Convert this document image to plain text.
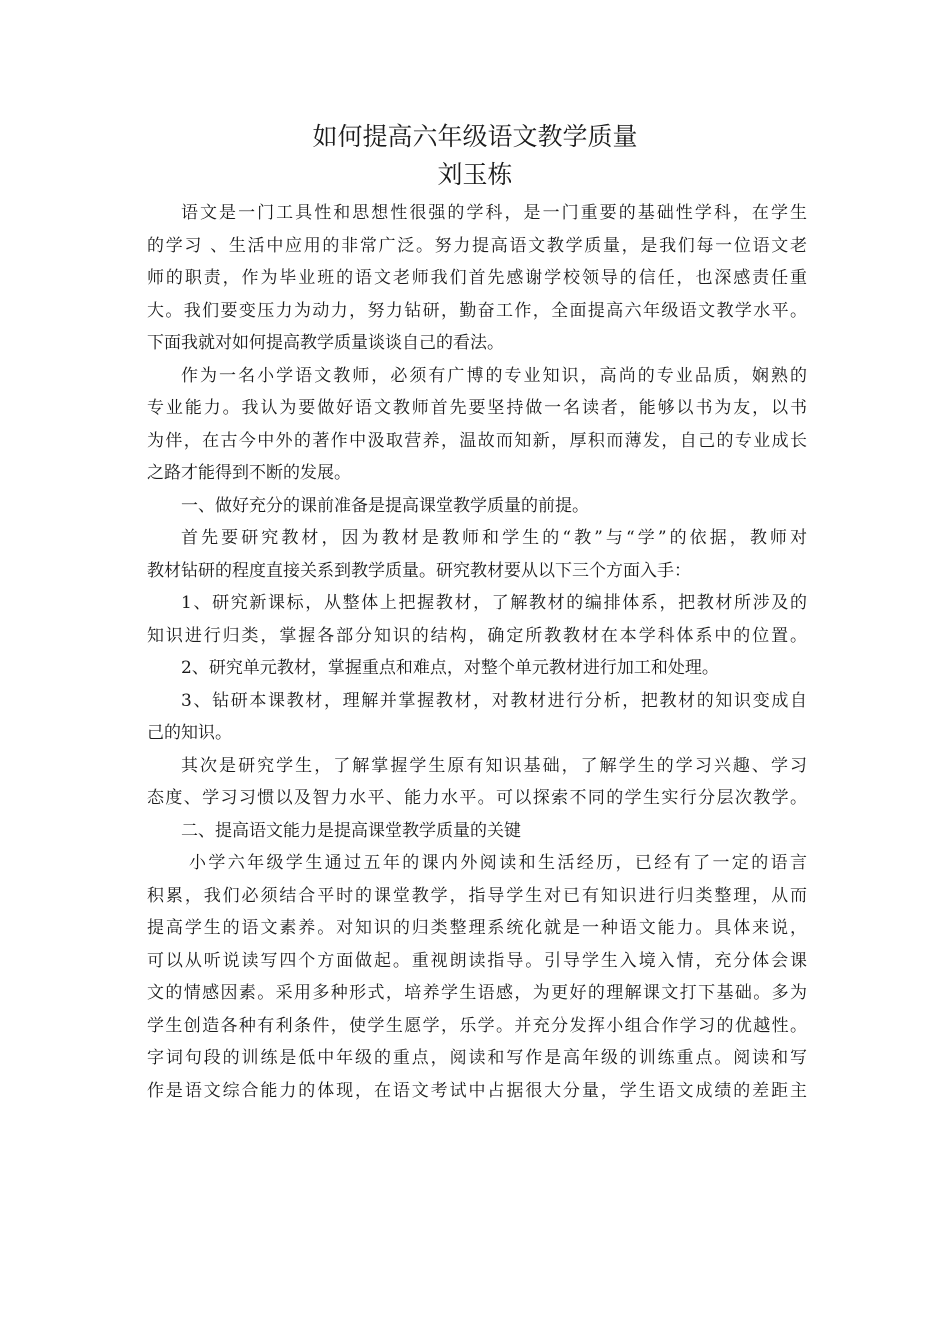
如何提高六年级语文教学质量
刘玉栋
语文是一门工具性和思想性很强的学科，是一门重要的基础性学科，在学生
的学习 、生活中应用的非常广泛。努力提高语文教学质量，是我们每一位语文老
师的职责，作为毕业班的语文老师我们首先感谢学校领导的信任，也深感责任重
大。我们要变压力为动力，努力钻研，勤奋工作，全面提高六年级语文教学水平。
下面我就对如何提高教学质量谈谈自己的看法。
作为一名小学语文教师，必须有广博的专业知识，高尚的专业品质，娴熟的
专业能力。我认为要做好语文教师首先要坚持做一名读者，能够以书为友，以书
为伴，在古今中外的著作中汲取营养，温故而知新，厚积而薄发，自己的专业成长
之路才能得到不断的发展。
一、做好充分的课前准备是提高课堂教学质量的前提。
首先要研究教材，因为教材是教师和学生的“教”与“学”的依据，教师对
教材钻研的程度直接关系到教学质量。研究教材要从以下三个方面入手：
1、研究新课标，从整体上把握教材，了解教材的编排体系，把教材所涉及的
知识进行归类，掌握各部分知识的结构，确定所教教材在本学科体系中的位置。
2、研究单元教材，掌握重点和难点，对整个单元教材进行加工和处理。
3、钻研本课教材，理解并掌握教材，对教材进行分析，把教材的知识变成自
己的知识。
其次是研究学生，了解掌握学生原有知识基础，了解学生的学习兴趣、学习
态度、学习习惯以及智力水平、能力水平。可以探索不同的学生实行分层次教学。
二、提高语文能力是提高课堂教学质量的关键
小学六年级学生通过五年的课内外阅读和生活经历，已经有了一定的语言
积累，我们必须结合平时的课堂教学，指导学生对已有知识进行归类整理，从而
提高学生的语文素养。对知识的归类整理系统化就是一种语文能力。具体来说，
可以从听说读写四个方面做起。重视朗读指导。引导学生入境入情，充分体会课
文的情感因素。采用多种形式，培养学生语感，为更好的理解课文打下基础。多为
学生创造各种有利条件，使学生愿学，乐学。并充分发挥小组合作学习的优越性。
字词句段的训练是低中年级的重点，阅读和写作是高年级的训练重点。阅读和写
作是语文综合能力的体现，在语文考试中占据很大分量，学生语文成绩的差距主
